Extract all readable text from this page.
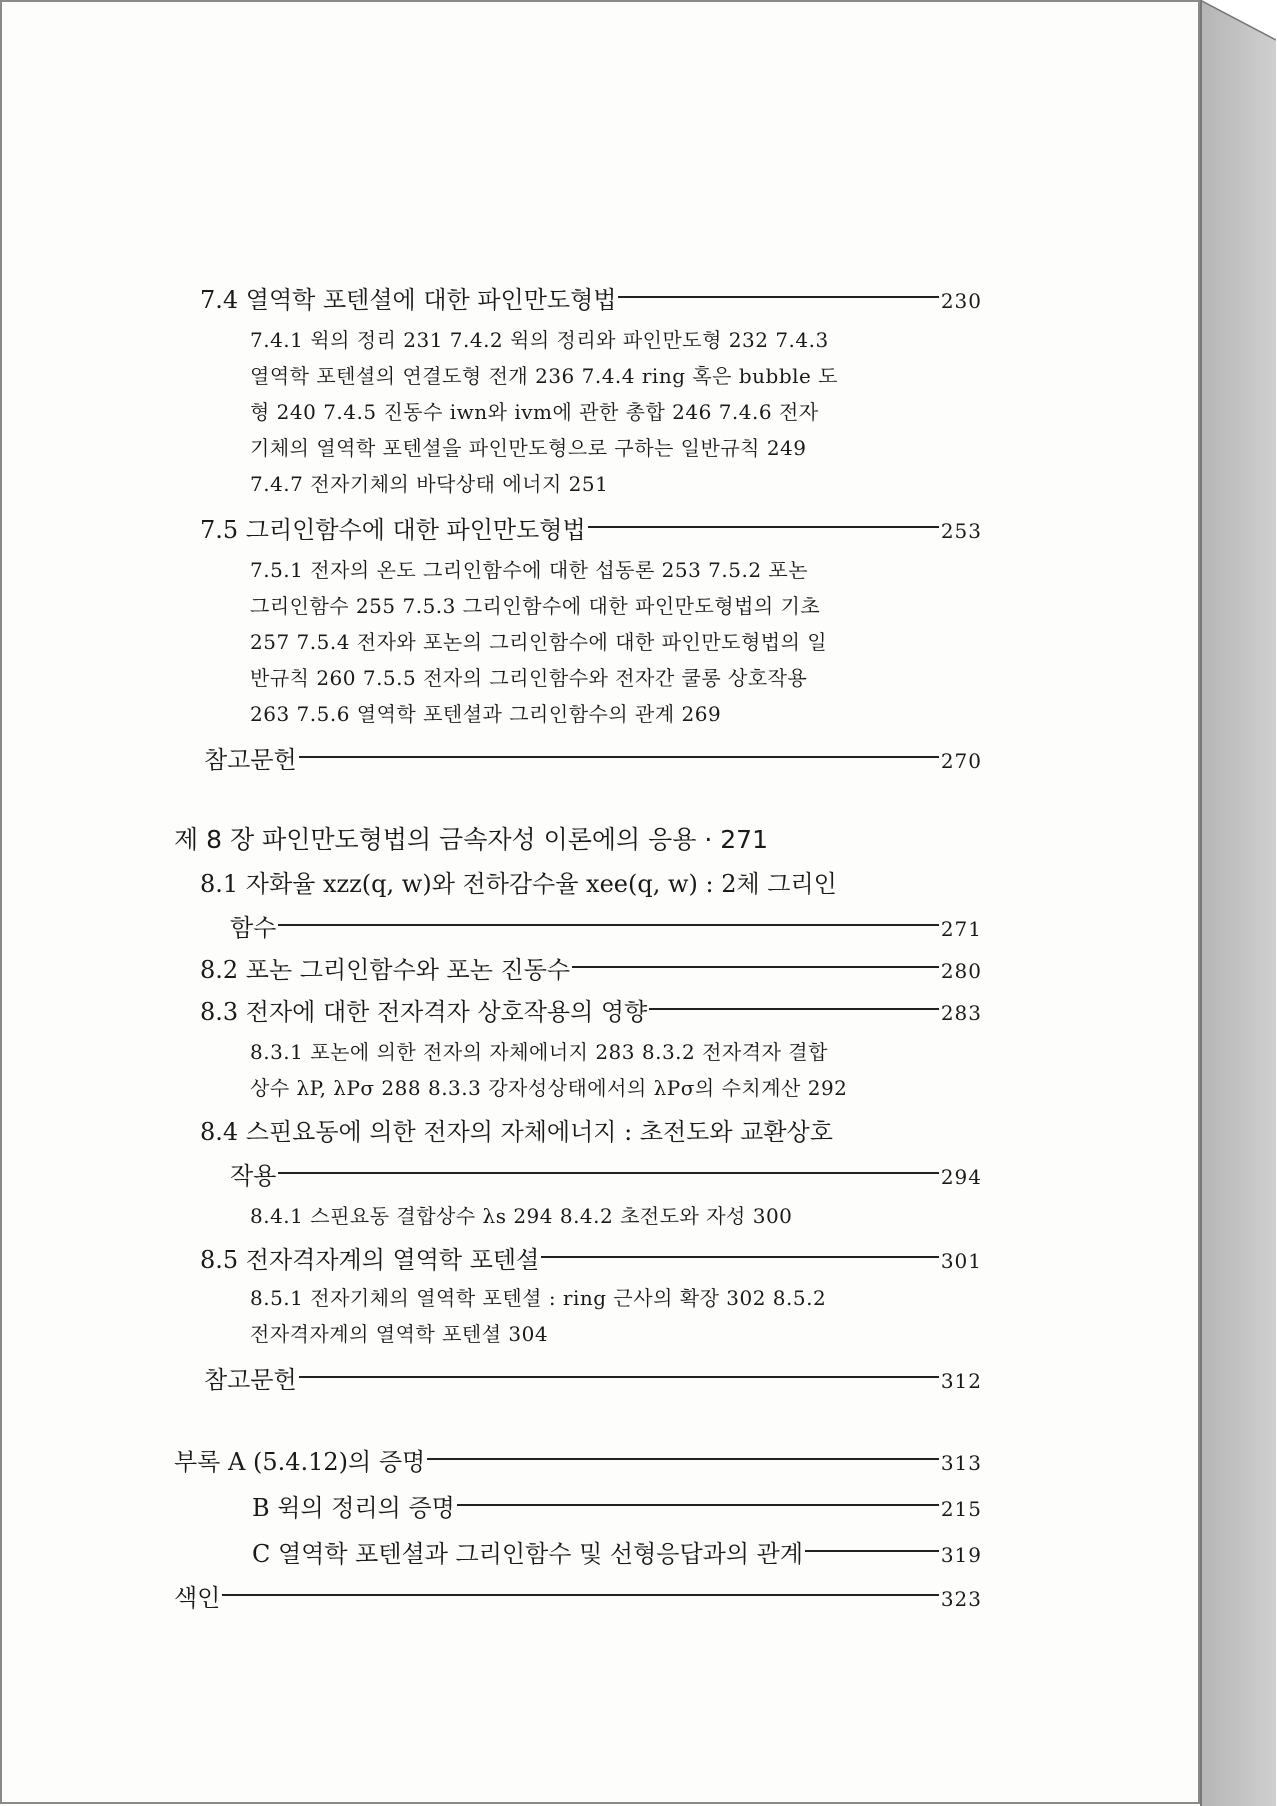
7.4 열역학 포텐셜에 대한 파인만도형법	230
7.4.1 윅의 정리 231 7.4.2 윅의 정리와 파인만도형 232 7.4.3
열역학 포텐셜의 연결도형 전개 236 7.4.4 ring 혹은 bubble 도
형 240 7.4.5 진동수 iwn와 ivm에 관한 총합 246 7.4.6 전자
기체의 열역학 포텐셜을 파인만도형으로 구하는 일반규칙 249
7.4.7 전자기체의 바닥상태 에너지 251
7.5 그리인함수에 대한 파인만도형법	253
7.5.1 전자의 온도 그리인함수에 대한 섭동론 253 7.5.2 포논
그리인함수 255 7.5.3 그리인함수에 대한 파인만도형법의 기초
257 7.5.4 전자와 포논의 그리인함수에 대한 파인만도형법의 일
반규칙 260 7.5.5 전자의 그리인함수와 전자간 쿨롱 상호작용
263 7.5.6 열역학 포텐셜과 그리인함수의 관계 269
참고문헌	270
제 8 장 파인만도형법의 금속자성 이론에의 응용 · 271
8.1 자화율 xzz(q, w)와 전하감수율 xee(q, w) : 2체 그리인
함수	271
8.2 포논 그리인함수와 포논 진동수	280
8.3 전자에 대한 전자격자 상호작용의 영향	283
8.3.1 포논에 의한 전자의 자체에너지 283 8.3.2 전자격자 결합
상수 λP, λPσ 288 8.3.3 강자성상태에서의 λPσ의 수치계산 292
8.4 스핀요동에 의한 전자의 자체에너지 : 초전도와 교환상호
작용	294
8.4.1 스핀요동 결합상수 λs 294 8.4.2 초전도와 자성 300
8.5 전자격자계의 열역학 포텐셜	301
8.5.1 전자기체의 열역학 포텐셜 : ring 근사의 확장 302 8.5.2
전자격자계의 열역학 포텐셜 304
참고문헌	312
부록 A (5.4.12)의 증명	313
B 윅의 정리의 증명	215
C 열역학 포텐셜과 그리인함수 및 선형응답과의 관계	319
색인	323
